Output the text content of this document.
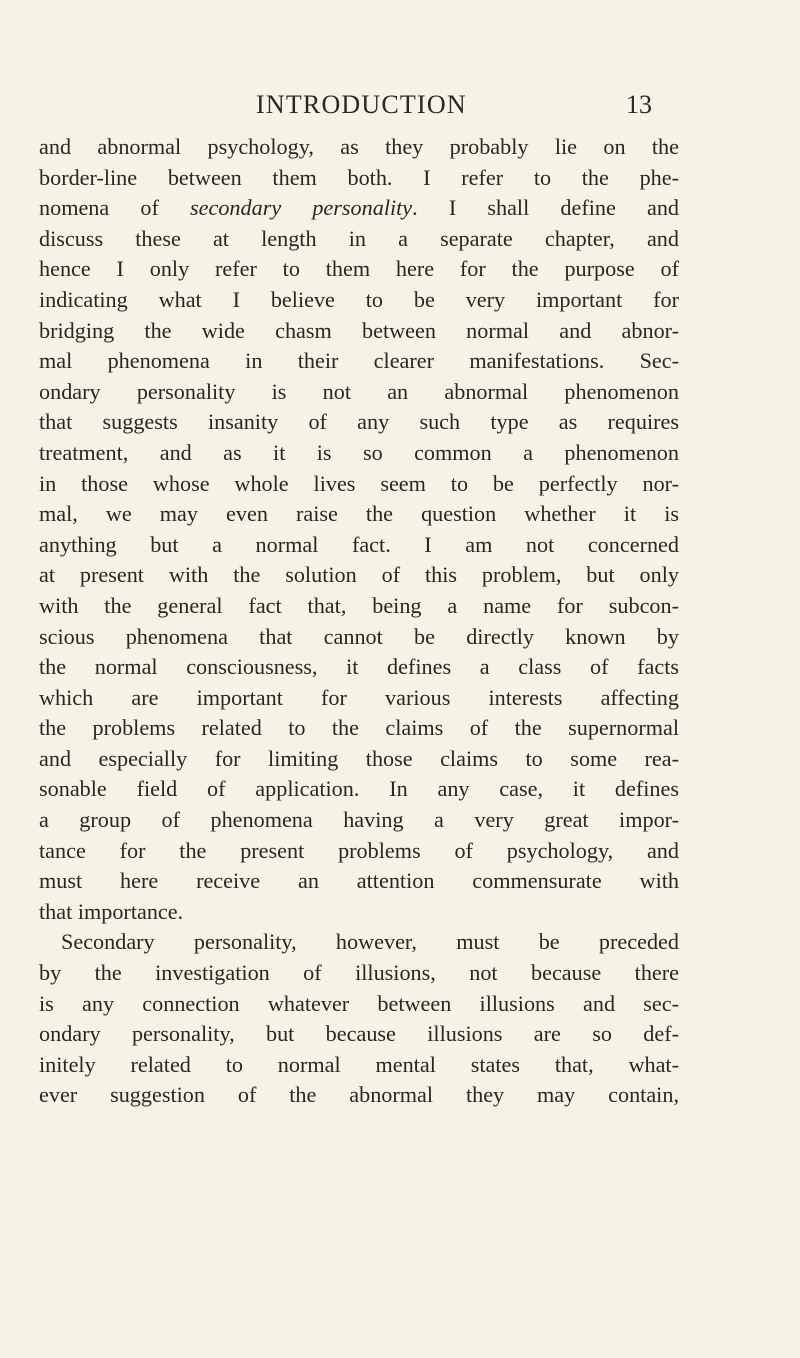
INTRODUCTION	13
and abnormal psychology, as they probably lie on the
border-line between them both. I refer to the phe-
nomena of secondary personality. I shall define and
discuss these at length in a separate chapter, and
hence I only refer to them here for the purpose of
indicating what I believe to be very important for
bridging the wide chasm between normal and abnor-
mal phenomena in their clearer manifestations. Sec-
ondary personality is not an abnormal phenomenon
that suggests insanity of any such type as requires
treatment, and as it is so common a phenomenon
in those whose whole lives seem to be perfectly nor-
mal, we may even raise the question whether it is
anything but a normal fact. I am not concerned
at present with the solution of this problem, but only
with the general fact that, being a name for subcon-
scious phenomena that cannot be directly known by
the normal consciousness, it defines a class of facts
which are important for various interests affecting
the problems related to the claims of the supernormal
and especially for limiting those claims to some rea-
sonable field of application. In any case, it defines
a group of phenomena having a very great impor-
tance for the present problems of psychology, and
must here receive an attention commensurate with
that importance.
Secondary personality, however, must be preceded
by the investigation of illusions, not because there
is any connection whatever between illusions and sec-
ondary personality, but because illusions are so def-
initely related to normal mental states that, what-
ever suggestion of the abnormal they may contain,
